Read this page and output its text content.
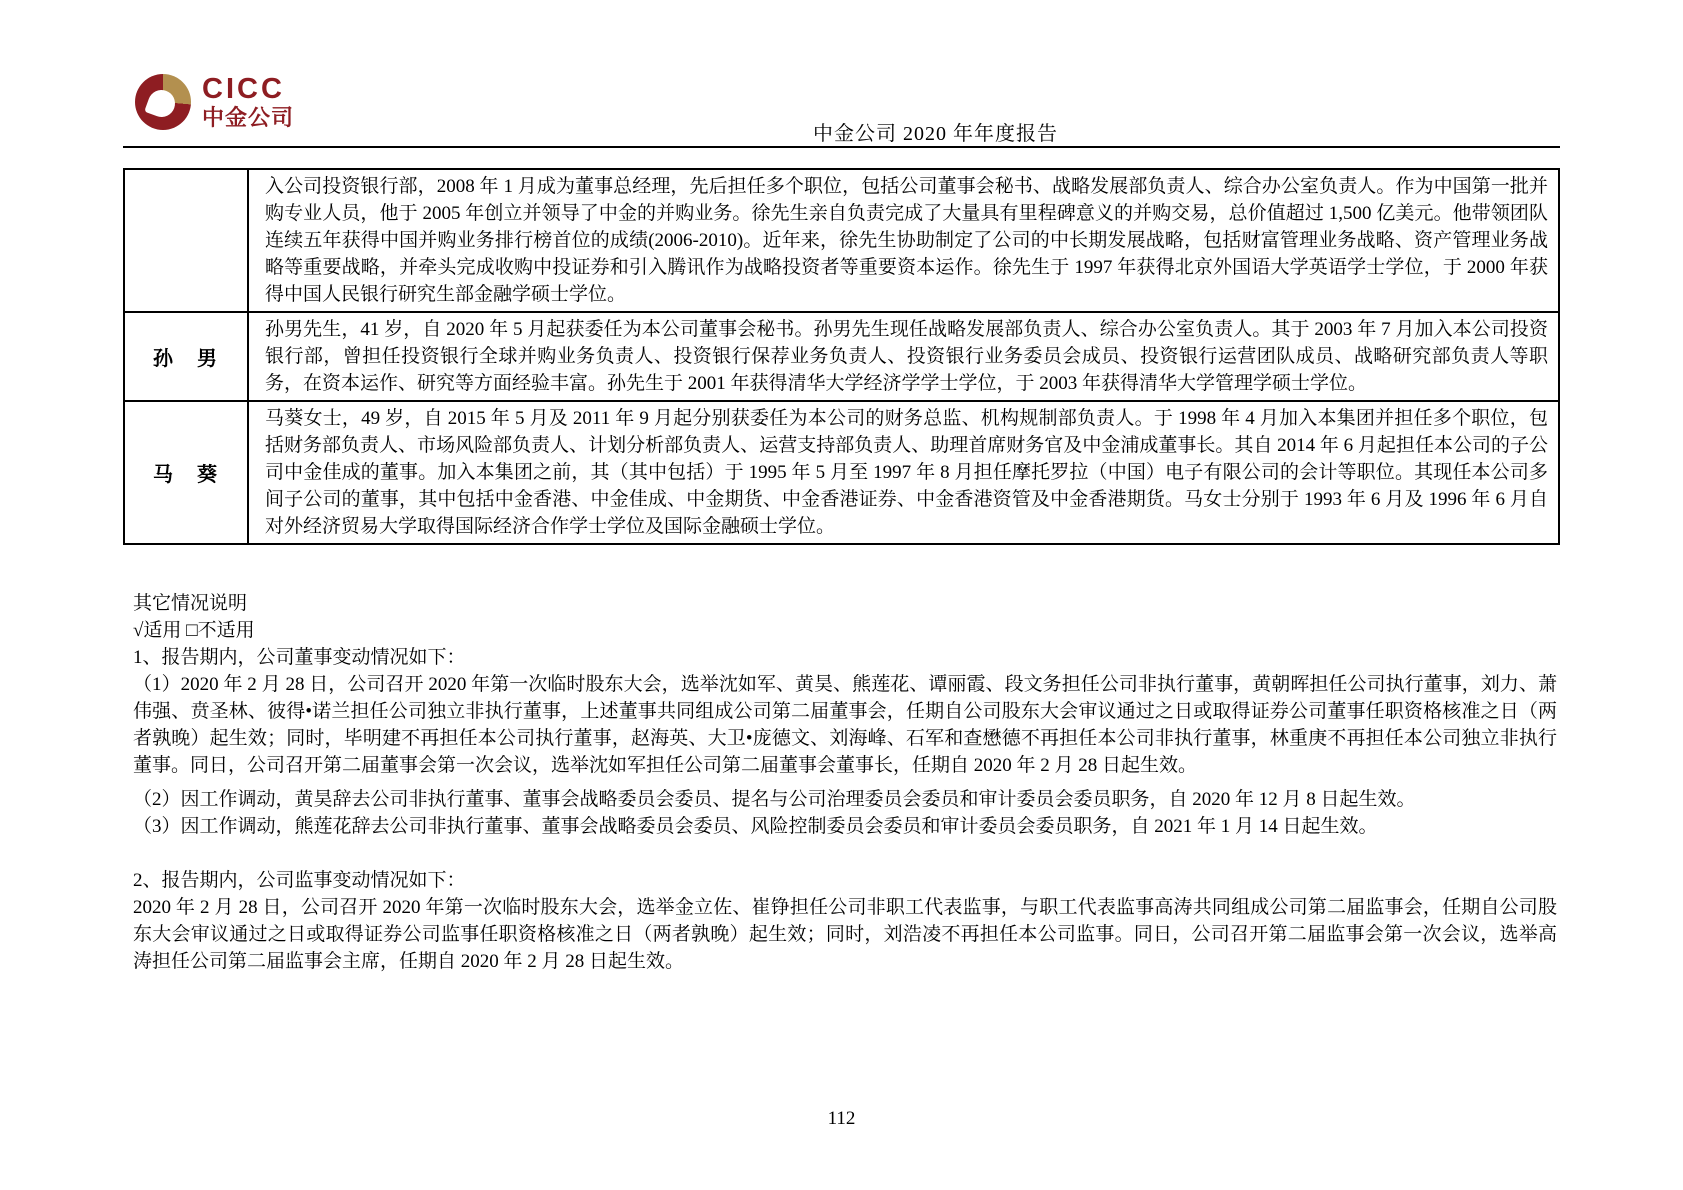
CICC
中金公司
中金公司 2020 年年度报告
	入公司投资银行部，2008 年 1 月成为董事总经理，先后担任多个职位，包括公司董事会秘书、战略发展部负责人、综合办公室负责人。作为中国第一批并购专业人员，他于 2005 年创立并领导了中金的并购业务。徐先生亲自负责完成了大量具有里程碑意义的并购交易，总价值超过 1,500 亿美元。他带领团队连续五年获得中国并购业务排行榜首位的成绩(2006-2010)。近年来，徐先生协助制定了公司的中长期发展战略，包括财富管理业务战略、资产管理业务战略等重要战略，并牵头完成收购中投证券和引入腾讯作为战略投资者等重要资本运作。徐先生于 1997 年获得北京外国语大学英语学士学位，于 2000 年获得中国人民银行研究生部金融学硕士学位。
孙　男	孙男先生，41 岁，自 2020 年 5 月起获委任为本公司董事会秘书。孙男先生现任战略发展部负责人、综合办公室负责人。其于 2003 年 7 月加入本公司投资银行部，曾担任投资银行全球并购业务负责人、投资银行保荐业务负责人、投资银行业务委员会成员、投资银行运营团队成员、战略研究部负责人等职务，在资本运作、研究等方面经验丰富。孙先生于 2001 年获得清华大学经济学学士学位，于 2003 年获得清华大学管理学硕士学位。
马　葵	马葵女士，49 岁，自 2015 年 5 月及 2011 年 9 月起分别获委任为本公司的财务总监、机构规制部负责人。于 1998 年 4 月加入本集团并担任多个职位，包括财务部负责人、市场风险部负责人、计划分析部负责人、运营支持部负责人、助理首席财务官及中金浦成董事长。其自 2014 年 6 月起担任本公司的子公司中金佳成的董事。加入本集团之前，其（其中包括）于 1995 年 5 月至 1997 年 8 月担任摩托罗拉（中国）电子有限公司的会计等职位。其现任本公司多间子公司的董事，其中包括中金香港、中金佳成、中金期货、中金香港证券、中金香港资管及中金香港期货。马女士分别于 1993 年 6 月及 1996 年 6 月自对外经济贸易大学取得国际经济合作学士学位及国际金融硕士学位。

其它情况说明

√适用 □不适用

1、报告期内，公司董事变动情况如下：

（1）2020 年 2 月 28 日，公司召开 2020 年第一次临时股东大会，选举沈如军、黄昊、熊莲花、谭丽霞、段文务担任公司非执行董事，黄朝晖担任公司执行董事，刘力、萧伟强、贲圣林、彼得•诺兰担任公司独立非执行董事，上述董事共同组成公司第二届董事会，任期自公司股东大会审议通过之日或取得证券公司董事任职资格核准之日（两者孰晚）起生效；同时，毕明建不再担任本公司执行董事，赵海英、大卫•庞德文、刘海峰、石军和查懋德不再担任本公司非执行董事，林重庚不再担任本公司独立非执行董事。同日，公司召开第二届董事会第一次会议，选举沈如军担任公司第二届董事会董事长，任期自 2020 年 2 月 28 日起生效。

（2）因工作调动，黄昊辞去公司非执行董事、董事会战略委员会委员、提名与公司治理委员会委员和审计委员会委员职务，自 2020 年 12 月 8 日起生效。

（3）因工作调动，熊莲花辞去公司非执行董事、董事会战略委员会委员、风险控制委员会委员和审计委员会委员职务，自 2021 年 1 月 14 日起生效。

2、报告期内，公司监事变动情况如下：

2020 年 2 月 28 日，公司召开 2020 年第一次临时股东大会，选举金立佐、崔铮担任公司非职工代表监事，与职工代表监事高涛共同组成公司第二届监事会，任期自公司股东大会审议通过之日或取得证券公司监事任职资格核准之日（两者孰晚）起生效；同时，刘浩凌不再担任本公司监事。同日，公司召开第二届监事会第一次会议，选举高涛担任公司第二届监事会主席，任期自 2020 年 2 月 28 日起生效。

112
